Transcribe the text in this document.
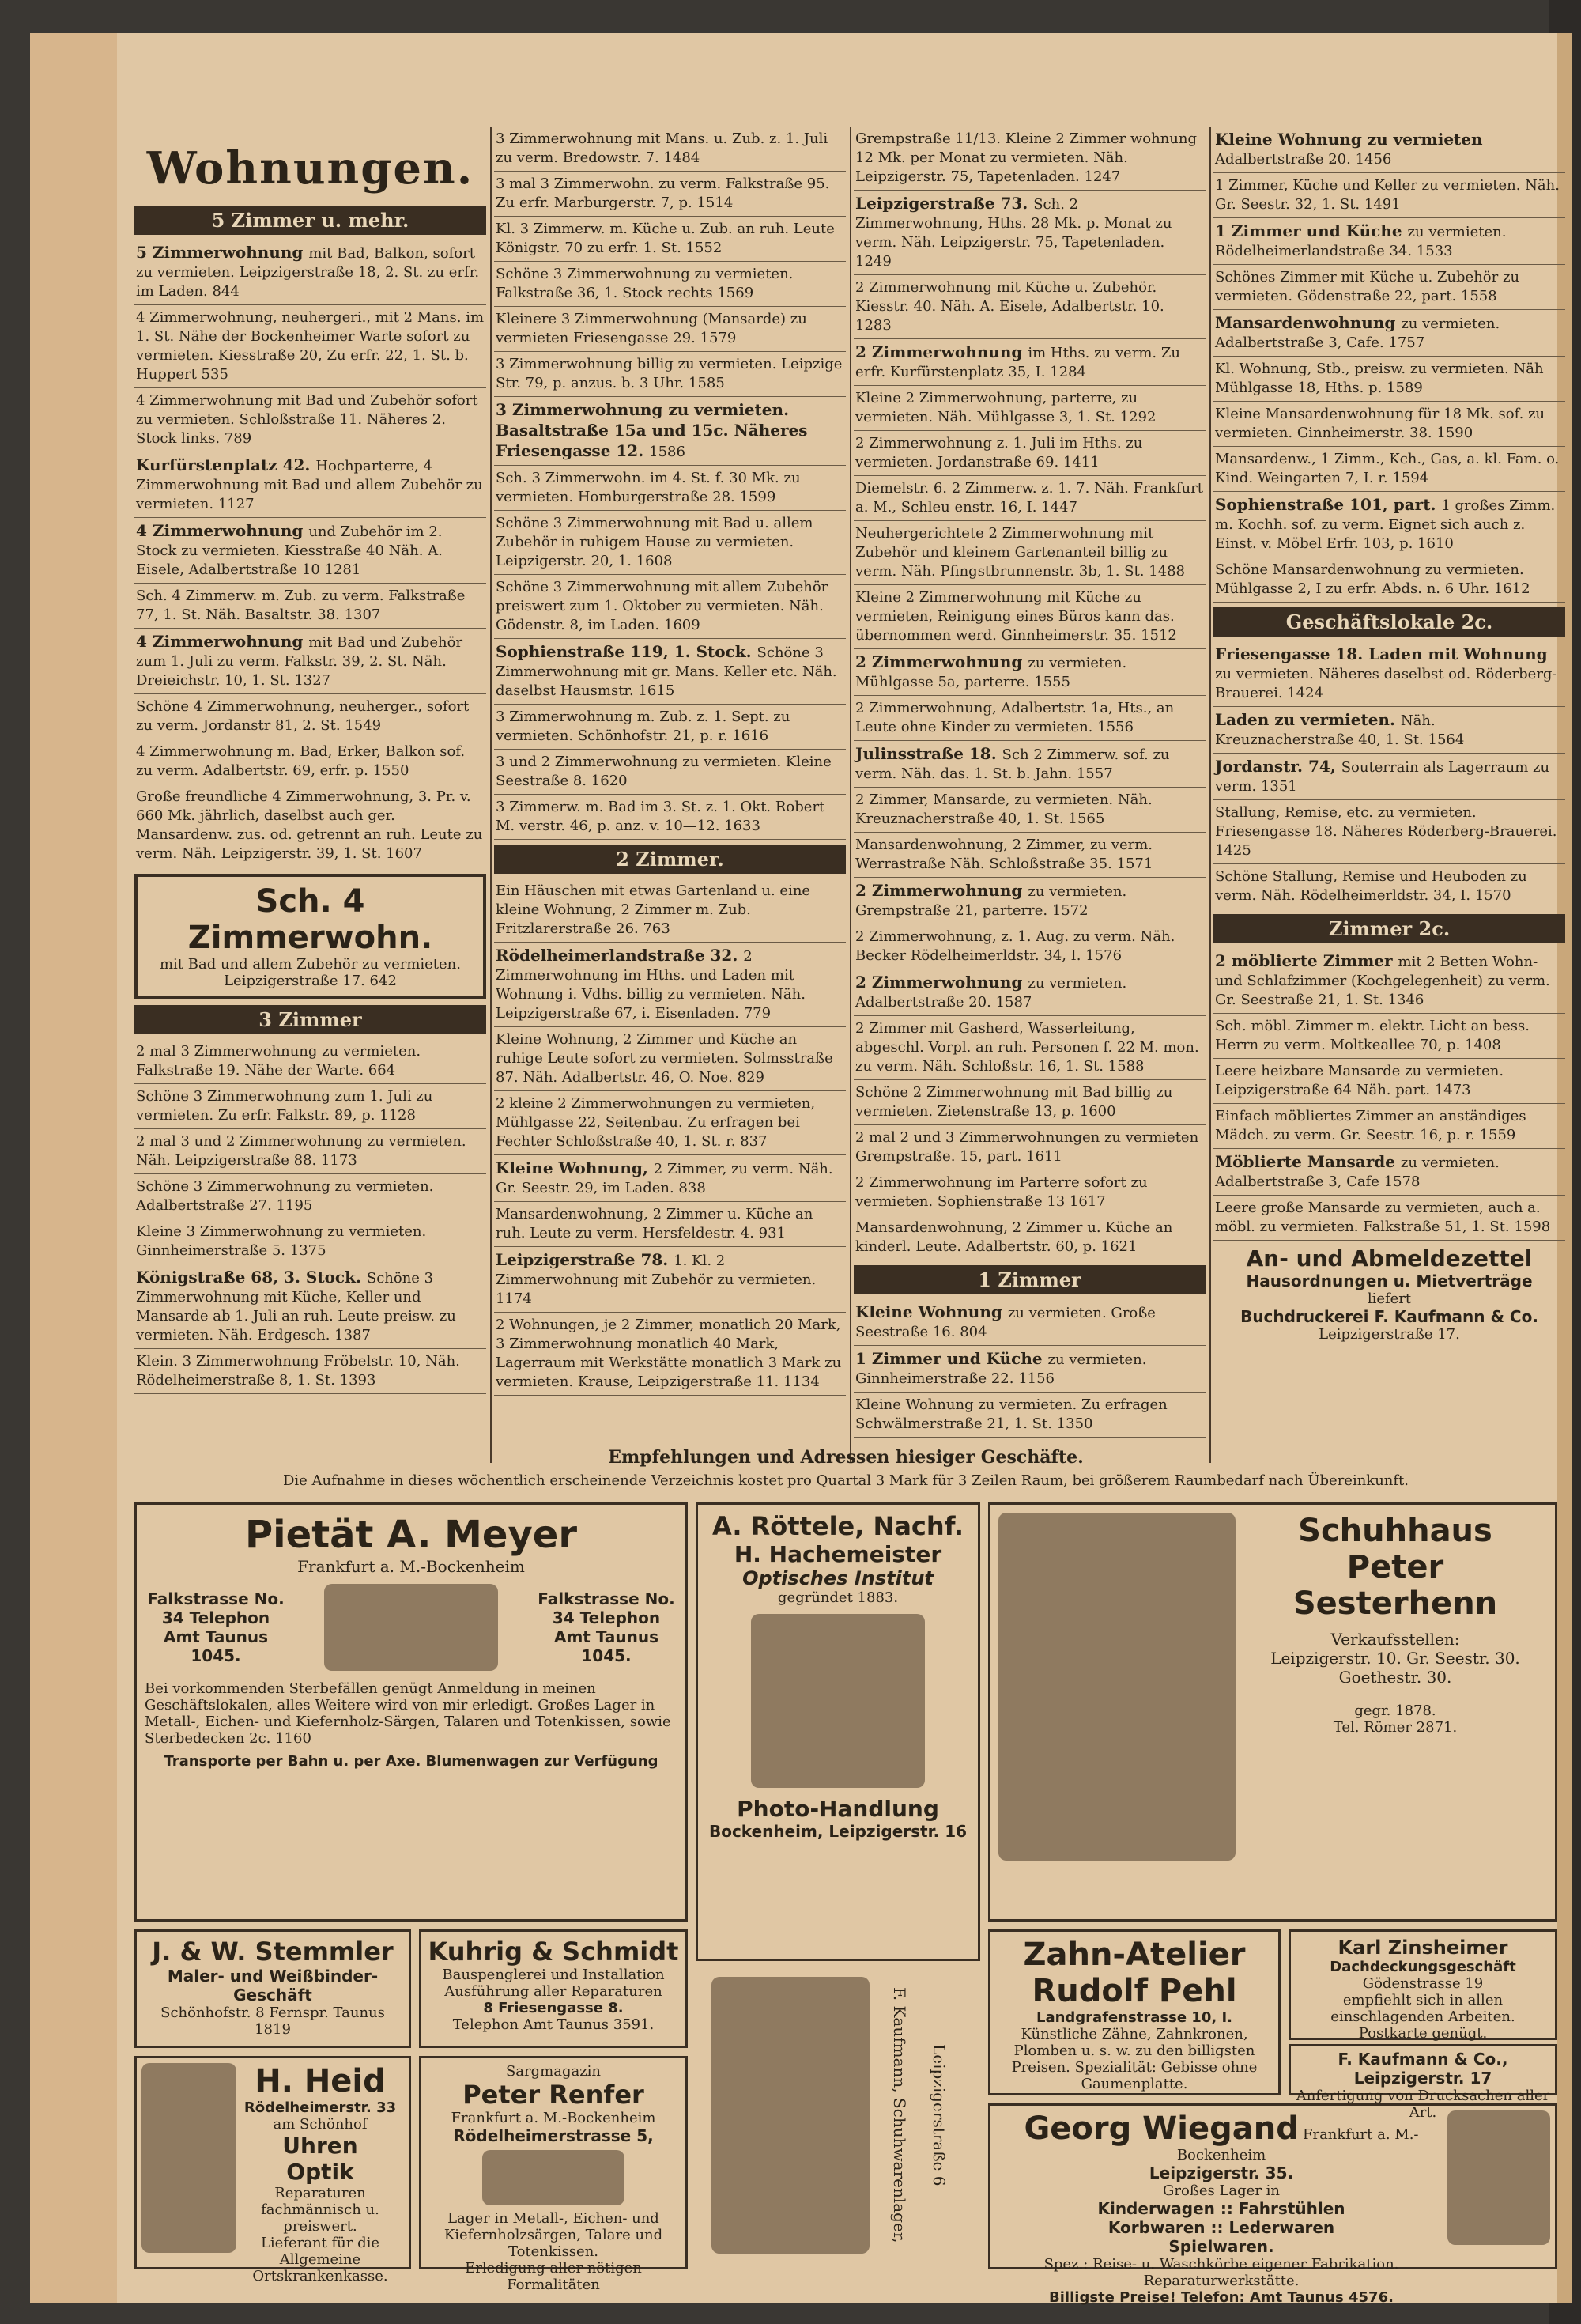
Wohnungen.
5 Zimmer u. mehr.
5 Zimmerwohnung mit Bad, Balkon, sofort zu vermieten. Leipzigerstraße 18, 2. St. zu erfr. im Laden. 844
4 Zimmerwohnung, neuhergeri., mit 2 Mans. im 1. St. Nähe der Bockenheimer Warte sofort zu vermieten. Kiesstraße 20, Zu erfr. 22, 1. St. b. Huppert 535
4 Zimmerwohnung mit Bad und Zubehör sofort zu vermieten. Schloßstraße 11. Näheres 2. Stock links. 789
Kurfürstenplatz 42. Hochparterre, 4 Zimmerwohnung mit Bad und allem Zubehör zu vermieten. 1127
4 Zimmerwohnung und Zubehör im 2. Stock zu vermieten. Kiesstraße 40 Näh. A. Eisele, Adalbertstraße 10 1281
Sch. 4 Zimmerw. m. Zub. zu verm. Falkstraße 77, 1. St. Näh. Basaltstr. 38. 1307
4 Zimmerwohnung mit Bad und Zubehör zum 1. Juli zu verm. Falkstr. 39, 2. St. Näh. Dreieichstr. 10, 1. St. 1327
Schöne 4 Zimmerwohnung, neuherger., sofort zu verm. Jordanstr 81, 2. St. 1549
4 Zimmerwohnung m. Bad, Erker, Balkon sof. zu verm. Adalbertstr. 69, erfr. p. 1550
Große freundliche 4 Zimmerwohnung, 3. Pr. v. 660 Mk. jährlich, daselbst auch ger. Mansardenw. zus. od. getrennt an ruh. Leute zu verm. Näh. Leipzigerstr. 39, 1. St. 1607
Sch. 4 Zimmerwohn.
mit Bad und allem Zubehör zu vermieten. Leipzigerstraße 17. 642
3 Zimmer
2 mal 3 Zimmerwohnung zu vermieten. Falkstraße 19. Nähe der Warte. 664
Schöne 3 Zimmerwohnung zum 1. Juli zu vermieten. Zu erfr. Falkstr. 89, p. 1128
2 mal 3 und 2 Zimmerwohnung zu vermieten. Näh. Leipzigerstraße 88. 1173
Schöne 3 Zimmerwohnung zu vermieten. Adalbertstraße 27. 1195
Kleine 3 Zimmerwohnung zu vermieten. Ginnheimerstraße 5. 1375
Königstraße 68, 3. Stock. Schöne 3 Zimmerwohnung mit Küche, Keller und Mansarde ab 1. Juli an ruh. Leute preisw. zu vermieten. Näh. Erdgesch. 1387
Klein. 3 Zimmerwohnung Fröbelstr. 10, Näh. Rödelheimerstraße 8, 1. St. 1393
3 Zimmerwohnung mit Mans. u. Zub. z. 1. Juli zu verm. Bredowstr. 7. 1484
3 mal 3 Zimmerwohn. zu verm. Falkstraße 95. Zu erfr. Marburgerstr. 7, p. 1514
Kl. 3 Zimmerw. m. Küche u. Zub. an ruh. Leute Königstr. 70 zu erfr. 1. St. 1552
Schöne 3 Zimmerwohnung zu vermieten. Falkstraße 36, 1. Stock rechts 1569
Kleinere 3 Zimmerwohnung (Mansarde) zu vermieten Friesengasse 29. 1579
3 Zimmerwohnung billig zu vermieten. Leipzige Str. 79, p. anzus. b. 3 Uhr. 1585
3 Zimmerwohnung zu vermieten. Basaltstraße 15a und 15c. Näheres Friesengasse 12. 1586
Sch. 3 Zimmerwohn. im 4. St. f. 30 Mk. zu vermieten. Homburgerstraße 28. 1599
Schöne 3 Zimmerwohnung mit Bad u. allem Zubehör in ruhigem Hause zu vermieten. Leipzigerstr. 20, 1. 1608
Schöne 3 Zimmerwohnung mit allem Zubehör preiswert zum 1. Oktober zu vermieten. Näh. Gödenstr. 8, im Laden. 1609
Sophienstraße 119, 1. Stock. Schöne 3 Zimmerwohnung mit gr. Mans. Keller etc. Näh. daselbst Hausmstr. 1615
3 Zimmerwohnung m. Zub. z. 1. Sept. zu vermieten. Schönhofstr. 21, p. r. 1616
3 und 2 Zimmerwohnung zu vermieten. Kleine Seestraße 8. 1620
3 Zimmerw. m. Bad im 3. St. z. 1. Okt. Robert M. verstr. 46, p. anz. v. 10—12. 1633
2 Zimmer.
Ein Häuschen mit etwas Gartenland u. eine kleine Wohnung, 2 Zimmer m. Zub. Fritzlarerstraße 26. 763
Rödelheimerlandstraße 32. 2 Zimmerwohnung im Hths. und Laden mit Wohnung i. Vdhs. billig zu vermieten. Näh. Leipzigerstraße 67, i. Eisenladen. 779
Kleine Wohnung, 2 Zimmer und Küche an ruhige Leute sofort zu vermieten. Solmsstraße 87. Näh. Adalbertstr. 46, O. Noe. 829
2 kleine 2 Zimmerwohnungen zu vermieten, Mühlgasse 22, Seitenbau. Zu erfragen bei Fechter Schloßstraße 40, 1. St. r. 837
Kleine Wohnung, 2 Zimmer, zu verm. Näh. Gr. Seestr. 29, im Laden. 838
Mansardenwohnung, 2 Zimmer u. Küche an ruh. Leute zu verm. Hersfeldestr. 4. 931
Leipzigerstraße 78. 1. Kl. 2 Zimmerwohnung mit Zubehör zu vermieten. 1174
2 Wohnungen, je 2 Zimmer, monatlich 20 Mark, 3 Zimmerwohnung monatlich 40 Mark, Lagerraum mit Werkstätte monatlich 3 Mark zu vermieten. Krause, Leipzigerstraße 11. 1134
Grempstraße 11/13. Kleine 2 Zimmer wohnung 12 Mk. per Monat zu vermieten. Näh. Leipzigerstr. 75, Tapetenladen. 1247
Leipzigerstraße 73. Sch. 2 Zimmerwohnung, Hths. 28 Mk. p. Monat zu verm. Näh. Leipzigerstr. 75, Tapetenladen. 1249
2 Zimmerwohnung mit Küche u. Zubehör. Kiesstr. 40. Näh. A. Eisele, Adalbertstr. 10. 1283
2 Zimmerwohnung im Hths. zu verm. Zu erfr. Kurfürstenplatz 35, I. 1284
Kleine 2 Zimmerwohnung, parterre, zu vermieten. Näh. Mühlgasse 3, 1. St. 1292
2 Zimmerwohnung z. 1. Juli im Hths. zu vermieten. Jordanstraße 69. 1411
Diemelstr. 6. 2 Zimmerw. z. 1. 7. Näh. Frankfurt a. M., Schleu enstr. 16, I. 1447
Neuhergerichtete 2 Zimmerwohnung mit Zubehör und kleinem Gartenanteil billig zu verm. Näh. Pfingstbrunnenstr. 3b, 1. St. 1488
Kleine 2 Zimmerwohnung mit Küche zu vermieten, Reinigung eines Büros kann das. übernommen werd. Ginnheimerstr. 35. 1512
2 Zimmerwohnung zu vermieten. Mühlgasse 5a, parterre. 1555
2 Zimmerwohnung, Adalbertstr. 1a, Hts., an Leute ohne Kinder zu vermieten. 1556
Julinsstraße 18. Sch 2 Zimmerw. sof. zu verm. Näh. das. 1. St. b. Jahn. 1557
2 Zimmer, Mansarde, zu vermieten. Näh. Kreuznacherstraße 40, 1. St. 1565
Mansardenwohnung, 2 Zimmer, zu verm. Werrastraße Näh. Schloßstraße 35. 1571
2 Zimmerwohnung zu vermieten. Grempstraße 21, parterre. 1572
2 Zimmerwohnung, z. 1. Aug. zu verm. Näh. Becker Rödelheimerldstr. 34, I. 1576
2 Zimmerwohnung zu vermieten. Adalbertstraße 20. 1587
2 Zimmer mit Gasherd, Wasserleitung, abgeschl. Vorpl. an ruh. Personen f. 22 M. mon. zu verm. Näh. Schloßstr. 16, 1. St. 1588
Schöne 2 Zimmerwohnung mit Bad billig zu vermieten. Zietenstraße 13, p. 1600
2 mal 2 und 3 Zimmerwohnungen zu vermieten Grempstraße. 15, part. 1611
2 Zimmerwohnung im Parterre sofort zu vermieten. Sophienstraße 13 1617
Mansardenwohnung, 2 Zimmer u. Küche an kinderl. Leute. Adalbertstr. 60, p. 1621
1 Zimmer
Kleine Wohnung zu vermieten. Große Seestraße 16. 804
1 Zimmer und Küche zu vermieten. Ginnheimerstraße 22. 1156
Kleine Wohnung zu vermieten. Zu erfragen Schwälmerstraße 21, 1. St. 1350
Kleine Wohnung zu vermieten Adalbertstraße 20. 1456
1 Zimmer, Küche und Keller zu vermieten. Näh. Gr. Seestr. 32, 1. St. 1491
1 Zimmer und Küche zu vermieten. Rödelheimerlandstraße 34. 1533
Schönes Zimmer mit Küche u. Zubehör zu vermieten. Gödenstraße 22, part. 1558
Mansardenwohnung zu vermieten. Adalbertstraße 3, Cafe. 1757
Kl. Wohnung, Stb., preisw. zu vermieten. Näh Mühlgasse 18, Hths. p. 1589
Kleine Mansardenwohnung für 18 Mk. sof. zu vermieten. Ginnheimerstr. 38. 1590
Mansardenw., 1 Zimm., Kch., Gas, a. kl. Fam. o. Kind. Weingarten 7, I. r. 1594
Sophienstraße 101, part. 1 großes Zimm. m. Kochh. sof. zu verm. Eignet sich auch z. Einst. v. Möbel Erfr. 103, p. 1610
Schöne Mansardenwohnung zu vermieten. Mühlgasse 2, I zu erfr. Abds. n. 6 Uhr. 1612
Geschäftslokale 2c.
Friesengasse 18. Laden mit Wohnung zu vermieten. Näheres daselbst od. Röderberg-Brauerei. 1424
Laden zu vermieten. Näh. Kreuznacherstraße 40, 1. St. 1564
Jordanstr. 74, Souterrain als Lagerraum zu verm. 1351
Stallung, Remise, etc. zu vermieten. Friesengasse 18. Näheres Röderberg-Brauerei. 1425
Schöne Stallung, Remise und Heuboden zu verm. Näh. Rödelheimerldstr. 34, I. 1570
Zimmer 2c.
2 möblierte Zimmer mit 2 Betten Wohn- und Schlafzimmer (Kochgelegenheit) zu verm. Gr. Seestraße 21, 1. St. 1346
Sch. möbl. Zimmer m. elektr. Licht an bess. Herrn zu verm. Moltkeallee 70, p. 1408
Leere heizbare Mansarde zu vermieten. Leipzigerstraße 64 Näh. part. 1473
Einfach möbliertes Zimmer an anständiges Mädch. zu verm. Gr. Seestr. 16, p. r. 1559
Möblierte Mansarde zu vermieten. Adalbertstraße 3, Cafe 1578
Leere große Mansarde zu vermieten, auch a. möbl. zu vermieten. Falkstraße 51, 1. St. 1598
An- und Abmeldezettel
Hausordnungen u. Mietverträge
liefert
Buchdruckerei F. Kaufmann & Co.
Leipzigerstraße 17.
Empfehlungen und Adressen hiesiger Geschäfte.
Die Aufnahme in dieses wöchentlich erscheinende Verzeichnis kostet pro Quartal 3 Mark für 3 Zeilen Raum, bei größerem Raumbedarf nach Übereinkunft.
Pietät A. Meyer
Frankfurt a. M.-Bockenheim
Falkstrasse No. 34 Telephon Amt Taunus 1045.
Falkstrasse No. 34 Telephon Amt Taunus 1045.
Bei vorkommenden Sterbefällen genügt Anmeldung in meinen Geschäftslokalen, alles Weitere wird von mir erledigt. Großes Lager in Metall-, Eichen- und Kiefernholz-Särgen, Talaren und Totenkissen, sowie Sterbedecken 2c. 1160
Transporte per Bahn u. per Axe. Blumenwagen zur Verfügung
A. Röttele, Nachf.
H. Hachemeister
Optisches Institut
gegründet 1883.
Photo-Handlung
Bockenheim, Leipzigerstr. 16
Schuhhaus
Peter Sesterhenn
Verkaufsstellen:
Leipzigerstr. 10. Gr. Seestr. 30.
Goethestr. 30.
gegr. 1878.
Tel. Römer 2871.
J. & W. Stemmler
Maler- und Weißbinder-Geschäft
Schönhofstr. 8 Fernspr. Taunus 1819
Kuhrig & Schmidt
Bauspenglerei und Installation
Ausführung aller Reparaturen
8 Friesengasse 8.
Telephon Amt Taunus 3591.
H. Heid
Rödelheimerstr. 33
am Schönhof
Uhren
Optik
Reparaturen
fachmännisch u. preiswert.
Lieferant für die Allgemeine Ortskrankenkasse.
Sargmagazin
Peter Renfer
Frankfurt a. M.-Bockenheim
Rödelheimerstrasse 5,
Lager in Metall-, Eichen- und Kiefernholzsärgen, Talare und Totenkissen.
Erledigung aller nötigen Formalitäten
F. Kaufmann, Schuhwarenlager,	Leipzigerstraße 6
Zahn-Atelier
Rudolf Pehl
Landgrafenstrasse 10, I.
Künstliche Zähne, Zahnkronen, Plomben u. s. w. zu den billigsten Preisen. Spezialität: Gebisse ohne Gaumenplatte.
Karl Zinsheimer
Dachdeckungsgeschäft
Gödenstrasse 19
empfiehlt sich in allen einschlagenden Arbeiten. Postkarte genügt.
F. Kaufmann & Co., Leipzigerstr. 17
Anfertigung von Drucksachen aller Art.
Georg Wiegand Frankfurt a. M.-Bockenheim
Leipzigerstr. 35.
Großes Lager in
Kinderwagen :: Fahrstühlen
Korbwaren :: Lederwaren
Spielwaren.
Spez.: Reise- u. Waschkörbe eigener Fabrikation.
Reparaturwerkstätte.
Billigste Preise! Telefon: Amt Taunus 4576.
